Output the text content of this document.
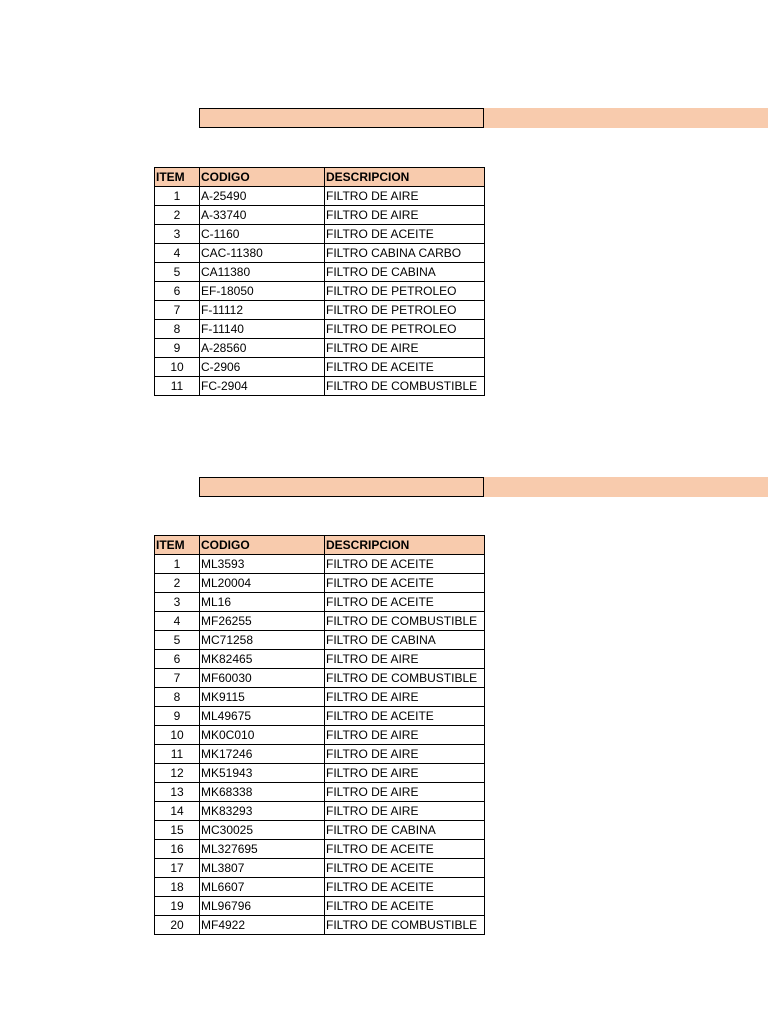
ITEM	CODIGO	DESCRIPCION
1	A-25490	FILTRO DE AIRE
2	A-33740	FILTRO DE AIRE
3	C-1160	FILTRO DE ACEITE
4	CAC-11380	FILTRO CABINA CARBO
5	CA11380	FILTRO DE CABINA
6	EF-18050	FILTRO DE PETROLEO
7	F-11112	FILTRO DE PETROLEO
8	F-11140	FILTRO DE PETROLEO
9	A-28560	FILTRO DE AIRE
10	C-2906	FILTRO DE ACEITE
11	FC-2904	FILTRO DE COMBUSTIBLE
ITEM	CODIGO	DESCRIPCION
1	ML3593	FILTRO DE ACEITE
2	ML20004	FILTRO DE ACEITE
3	ML16	FILTRO DE ACEITE
4	MF26255	FILTRO DE COMBUSTIBLE
5	MC71258	FILTRO DE CABINA
6	MK82465	FILTRO DE AIRE
7	MF60030	FILTRO DE COMBUSTIBLE
8	MK9115	FILTRO DE AIRE
9	ML49675	FILTRO DE ACEITE
10	MK0C010	FILTRO DE AIRE
11	MK17246	FILTRO DE AIRE
12	MK51943	FILTRO DE AIRE
13	MK68338	FILTRO DE AIRE
14	MK83293	FILTRO DE AIRE
15	MC30025	FILTRO DE CABINA
16	ML327695	FILTRO DE ACEITE
17	ML3807	FILTRO DE ACEITE
18	ML6607	FILTRO DE ACEITE
19	ML96796	FILTRO DE ACEITE
20	MF4922	FILTRO DE COMBUSTIBLE
